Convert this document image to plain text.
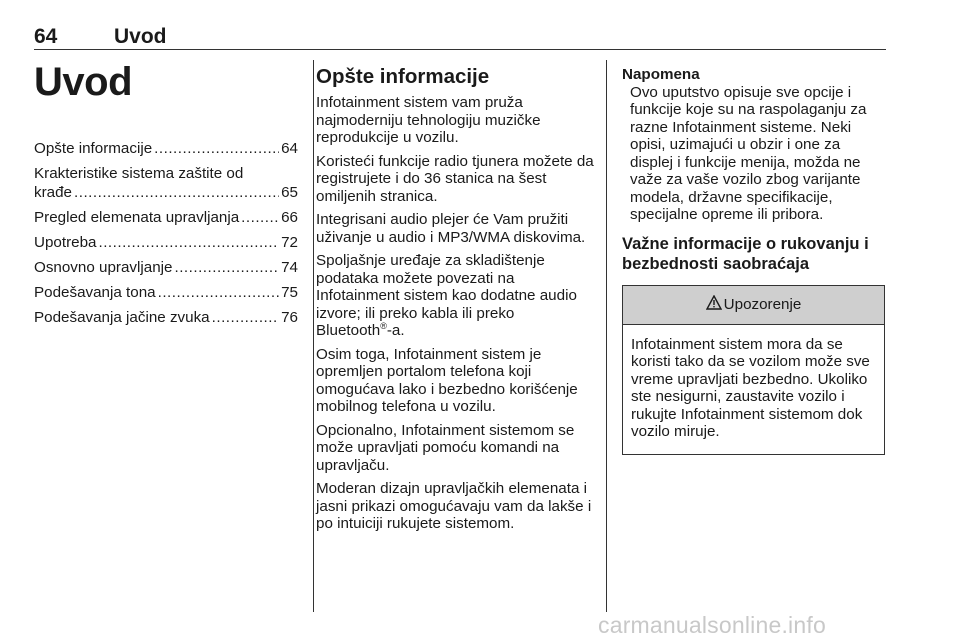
64	Uvod
Uvod
Opšte informacije .....	64
Krakteristike sistema zaštite od
krađe .....	65
Pregled elemenata upravljanja .....	66
Upotreba .....	72
Osnovno upravljanje .....	74
Podešavanja tona .....	75
Podešavanja jačine zvuka .....	76
Opšte informacije

Infotainment sistem vam pruža najmoderniju tehnologiju muzičke reprodukcije u vozilu.

Koristeći funkcije radio tjunera možete da registrujete i do 36 stanica na šest omiljenih stranica.

Integrisani audio plejer će Vam pružiti uživanje u audio i MP3/WMA diskovima.

Spoljašnje uređaje za skladištenje podataka možete povezati na Infotainment sistem kao dodatne audio izvore; ili preko kabla ili preko Bluetooth®-a.

Osim toga, Infotainment sistem je opremljen portalom telefona koji omogućava lako i bezbedno korišćenje mobilnog telefona u vozilu.

Opcionalno, Infotainment sistemom se može upravljati pomoću komandi na upravljaču.

Moderan dizajn upravljačkih elemenata i jasni prikazi omogućavaju vam da lakše i po intuiciji rukujete sistemom.

Napomena

Ovo uputstvo opisuje sve opcije i funkcije koje su na raspolaganju za razne Infotainment sisteme. Neki opisi, uzimajući u obzir i one za displej i funkcije menija, možda ne važe za vaše vozilo zbog varijante modela, državne specifikacije, specijalne opreme ili pribora.

Važne informacije o rukovanju i bezbednosti saobraćaja
Upozorenje
Infotainment sistem mora da se koristi tako da se vozilom može sve vreme upravljati bezbedno. Ukoliko ste nesigurni, zaustavite vozilo i rukujte Infotainment sistemom dok vozilo miruje.
carmanualsonline.info
